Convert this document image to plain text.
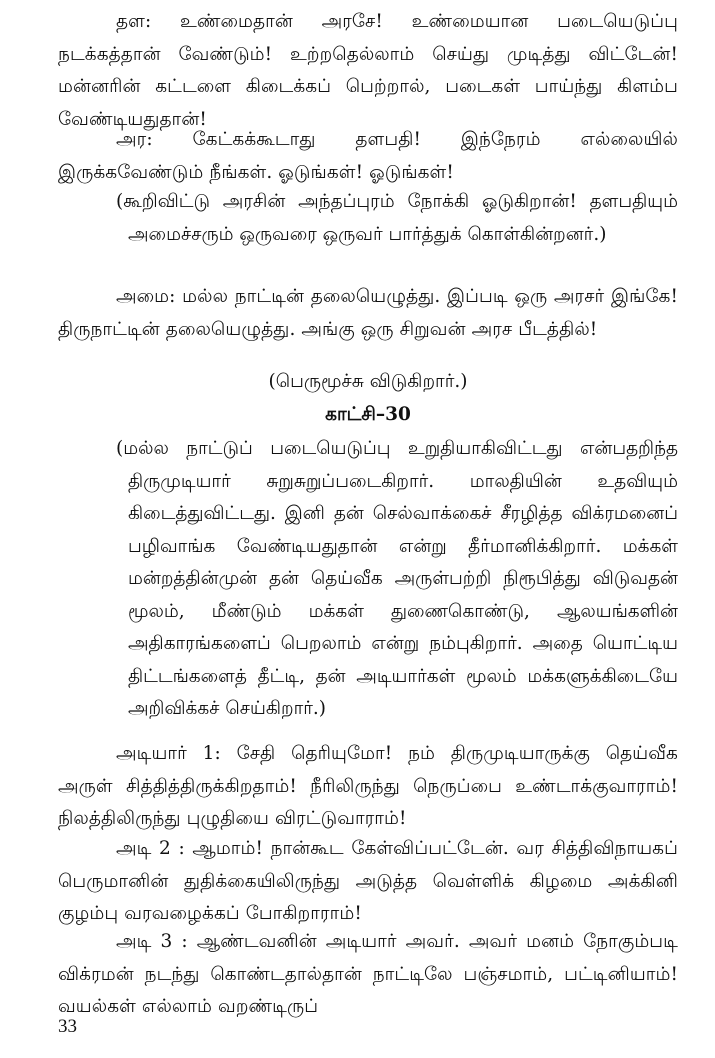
தள: உண்மைதான் அரசே! உண்மையான படையெடுப்பு நடக்கத்தான் வேண்டும்! உற்றதெல்லாம் செய்து முடித்து விட்டேன்! மன்னரின் கட்டளை கிடைக்கப் பெற்றால், படைகள் பாய்ந்து கிளம்ப வேண்டியதுதான்!
அர: கேட்கக்கூடாது தளபதி! இந்நேரம் எல்லையில் இருக்கவேண்டும் நீங்கள். ஓடுங்கள்! ஓடுங்கள்!
(கூறிவிட்டு அரசின் அந்தப்புரம் நோக்கி ஓடுகிறான்! தளபதியும் அமைச்சரும் ஒருவரை ஒருவர் பார்த்துக் கொள்கின்றனர்.)
அமை: மல்ல நாட்டின் தலையெழுத்து. இப்படி ஒரு அரசர் இங்கே! திருநாட்டின் தலையெழுத்து. அங்கு ஒரு சிறுவன் அரச பீடத்தில்!
(பெருமூச்சு விடுகிறார்.)
காட்சி–30
(மல்ல நாட்டுப் படையெடுப்பு உறுதியாகிவிட்டது என்பதறிந்த திருமுடியார் சுறுசுறுப்படைகிறார். மாலதியின் உதவியும் கிடைத்துவிட்டது. இனி தன் செல்வாக்கைச் சீரழித்த விக்ரமனைப் பழிவாங்க வேண்டியதுதான் என்று தீர்மானிக்கிறார். மக்கள் மன்றத்தின்முன் தன் தெய்வீக அருள்பற்றி நிரூபித்து விடுவதன் மூலம், மீண்டும் மக்கள் துணைகொண்டு, ஆலயங்களின் அதிகாரங்களைப் பெறலாம் என்று நம்புகிறார். அதை யொட்டிய திட்டங்களைத் தீட்டி, தன் அடியார்கள் மூலம் மக்களுக்கிடையே அறிவிக்கச் செய்கிறார்.)
அடியார் 1: சேதி தெரியுமோ! நம் திருமுடியாருக்கு தெய்வீக அருள் சித்தித்திருக்கிறதாம்! நீரிலிருந்து நெருப்பை உண்டாக்குவாராம்! நிலத்திலிருந்து புழுதியை விரட்டுவாராம்!
அடி 2 : ஆமாம்! நான்கூட கேள்விப்பட்டேன். வர சித்திவிநாயகப் பெருமானின் துதிக்கையிலிருந்து அடுத்த வெள்ளிக் கிழமை அக்கினி குழம்பு வரவழைக்கப் போகிறாராம்!
அடி 3 : ஆண்டவனின் அடியார் அவர். அவர் மனம் நோகும்படி விக்ரமன் நடந்து கொண்டதால்தான் நாட்டிலே பஞ்சமாம், பட்டினியாம்! வயல்கள் எல்லாம் வறண்டிருப்
33
